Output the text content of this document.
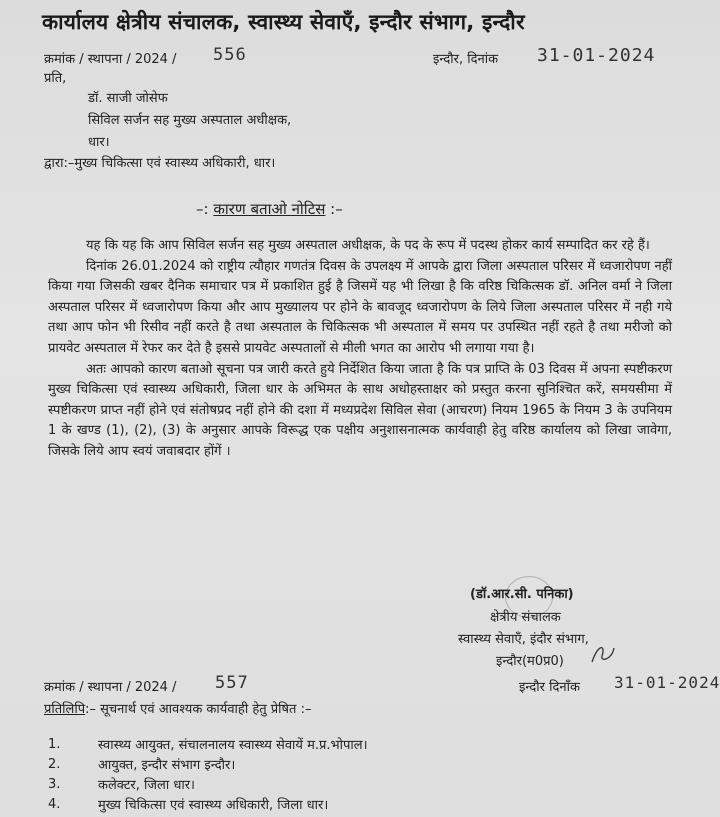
कार्यालय क्षेत्रीय संचालक, स्वास्थ्य सेवाएँ, इन्दौर संभाग, इन्दौर
क्रमांक / स्थापना / 2024 / 556	इन्दौर, दिनांक 31-01-2024
प्रति,
डॉ. साजी जोसेफ
सिविल सर्जन सह मुख्य अस्पताल अधीक्षक,
धार।
द्वारा:–मुख्य चिकित्सा एवं स्वास्थ्य अधिकारी, धार।
–: कारण बताओ नोटिस :–

यह कि यह कि आप सिविल सर्जन सह मुख्य अस्पताल अधीक्षक, के पद के रूप में पदस्थ होकर कार्य सम्पादित कर रहे हैं।

दिनांक 26.01.2024 को राष्ट्रीय त्यौहार गणतंत्र दिवस के उपलक्ष्य में आपके द्वारा जिला अस्पताल परिसर में ध्वजारोपण नहीं किया गया जिसकी खबर दैनिक समाचार पत्र में प्रकाशित हुई है जिसमें यह भी लिखा है कि वरिष्ठ चिकित्सक डॉ. अनिल वर्मा ने जिला अस्पताल परिसर में ध्वजारोपण किया और आप मुख्यालय पर होने के बावजूद ध्वजारोपण के लिये जिला अस्पताल परिसर में नही गये तथा आप फोन भी रिसीव नहीं करते है तथा अस्पताल के चिकित्सक भी अस्पताल में समय पर उपस्थित नहीं रहते है तथा मरीजो को प्रायवेट अस्पताल में रेफर कर देते है इससे प्रायवेट अस्पतालों से मीली भगत का आरोप भी लगाया गया है।

अतः आपको कारण बताओ सूचना पत्र जारी करते हुये निर्देशित किया जाता है कि पत्र प्राप्ति के 03 दिवस में अपना स्पष्टीकरण मुख्य चिकित्सा एवं स्वास्थ्य अधिकारी, जिला धार के अभिमत के साथ अधोहस्ताक्षर को प्रस्तुत करना सुनिश्चित करें, समयसीमा में स्पष्टीकरण प्राप्त नहीं होने एवं संतोषप्रद नहीं होने की दशा में मध्यप्रदेश सिविल सेवा (आचरण) नियम 1965 के नियम 3 के उपनियम 1 के खण्ड (1), (2), (3) के अनुसार आपके विरूद्ध एक पक्षीय अनुशासनात्मक कार्यवाही हेतु वरिष्ठ कार्यालय को लिखा जावेगा, जिसके लिये आप स्वयं जवाबदार होंगें ।

(डॉ.आर.सी. पनिका)
क्षेत्रीय संचालक
स्वास्थ्य सेवाएँ, इंदौर संभाग,
इन्दौर(म0प्र0)
क्रमांक / स्थापना / 2024 / 557	इन्दौर दिनाँक 31-01-2024
प्रतिलिपि:– सूचनार्थ एवं आवश्यक कार्यवाही हेतु प्रेषित :–
1.	स्वास्थ्य आयुक्त, संचालनालय स्वास्थ्य सेवायें म.प्र.भोपाल।
2.	आयुक्त, इन्दौर संभाग इन्दौर।
3.	कलेक्टर, जिला धार।
4.	मुख्य चिकित्सा एवं स्वास्थ्य अधिकारी, जिला धार।
